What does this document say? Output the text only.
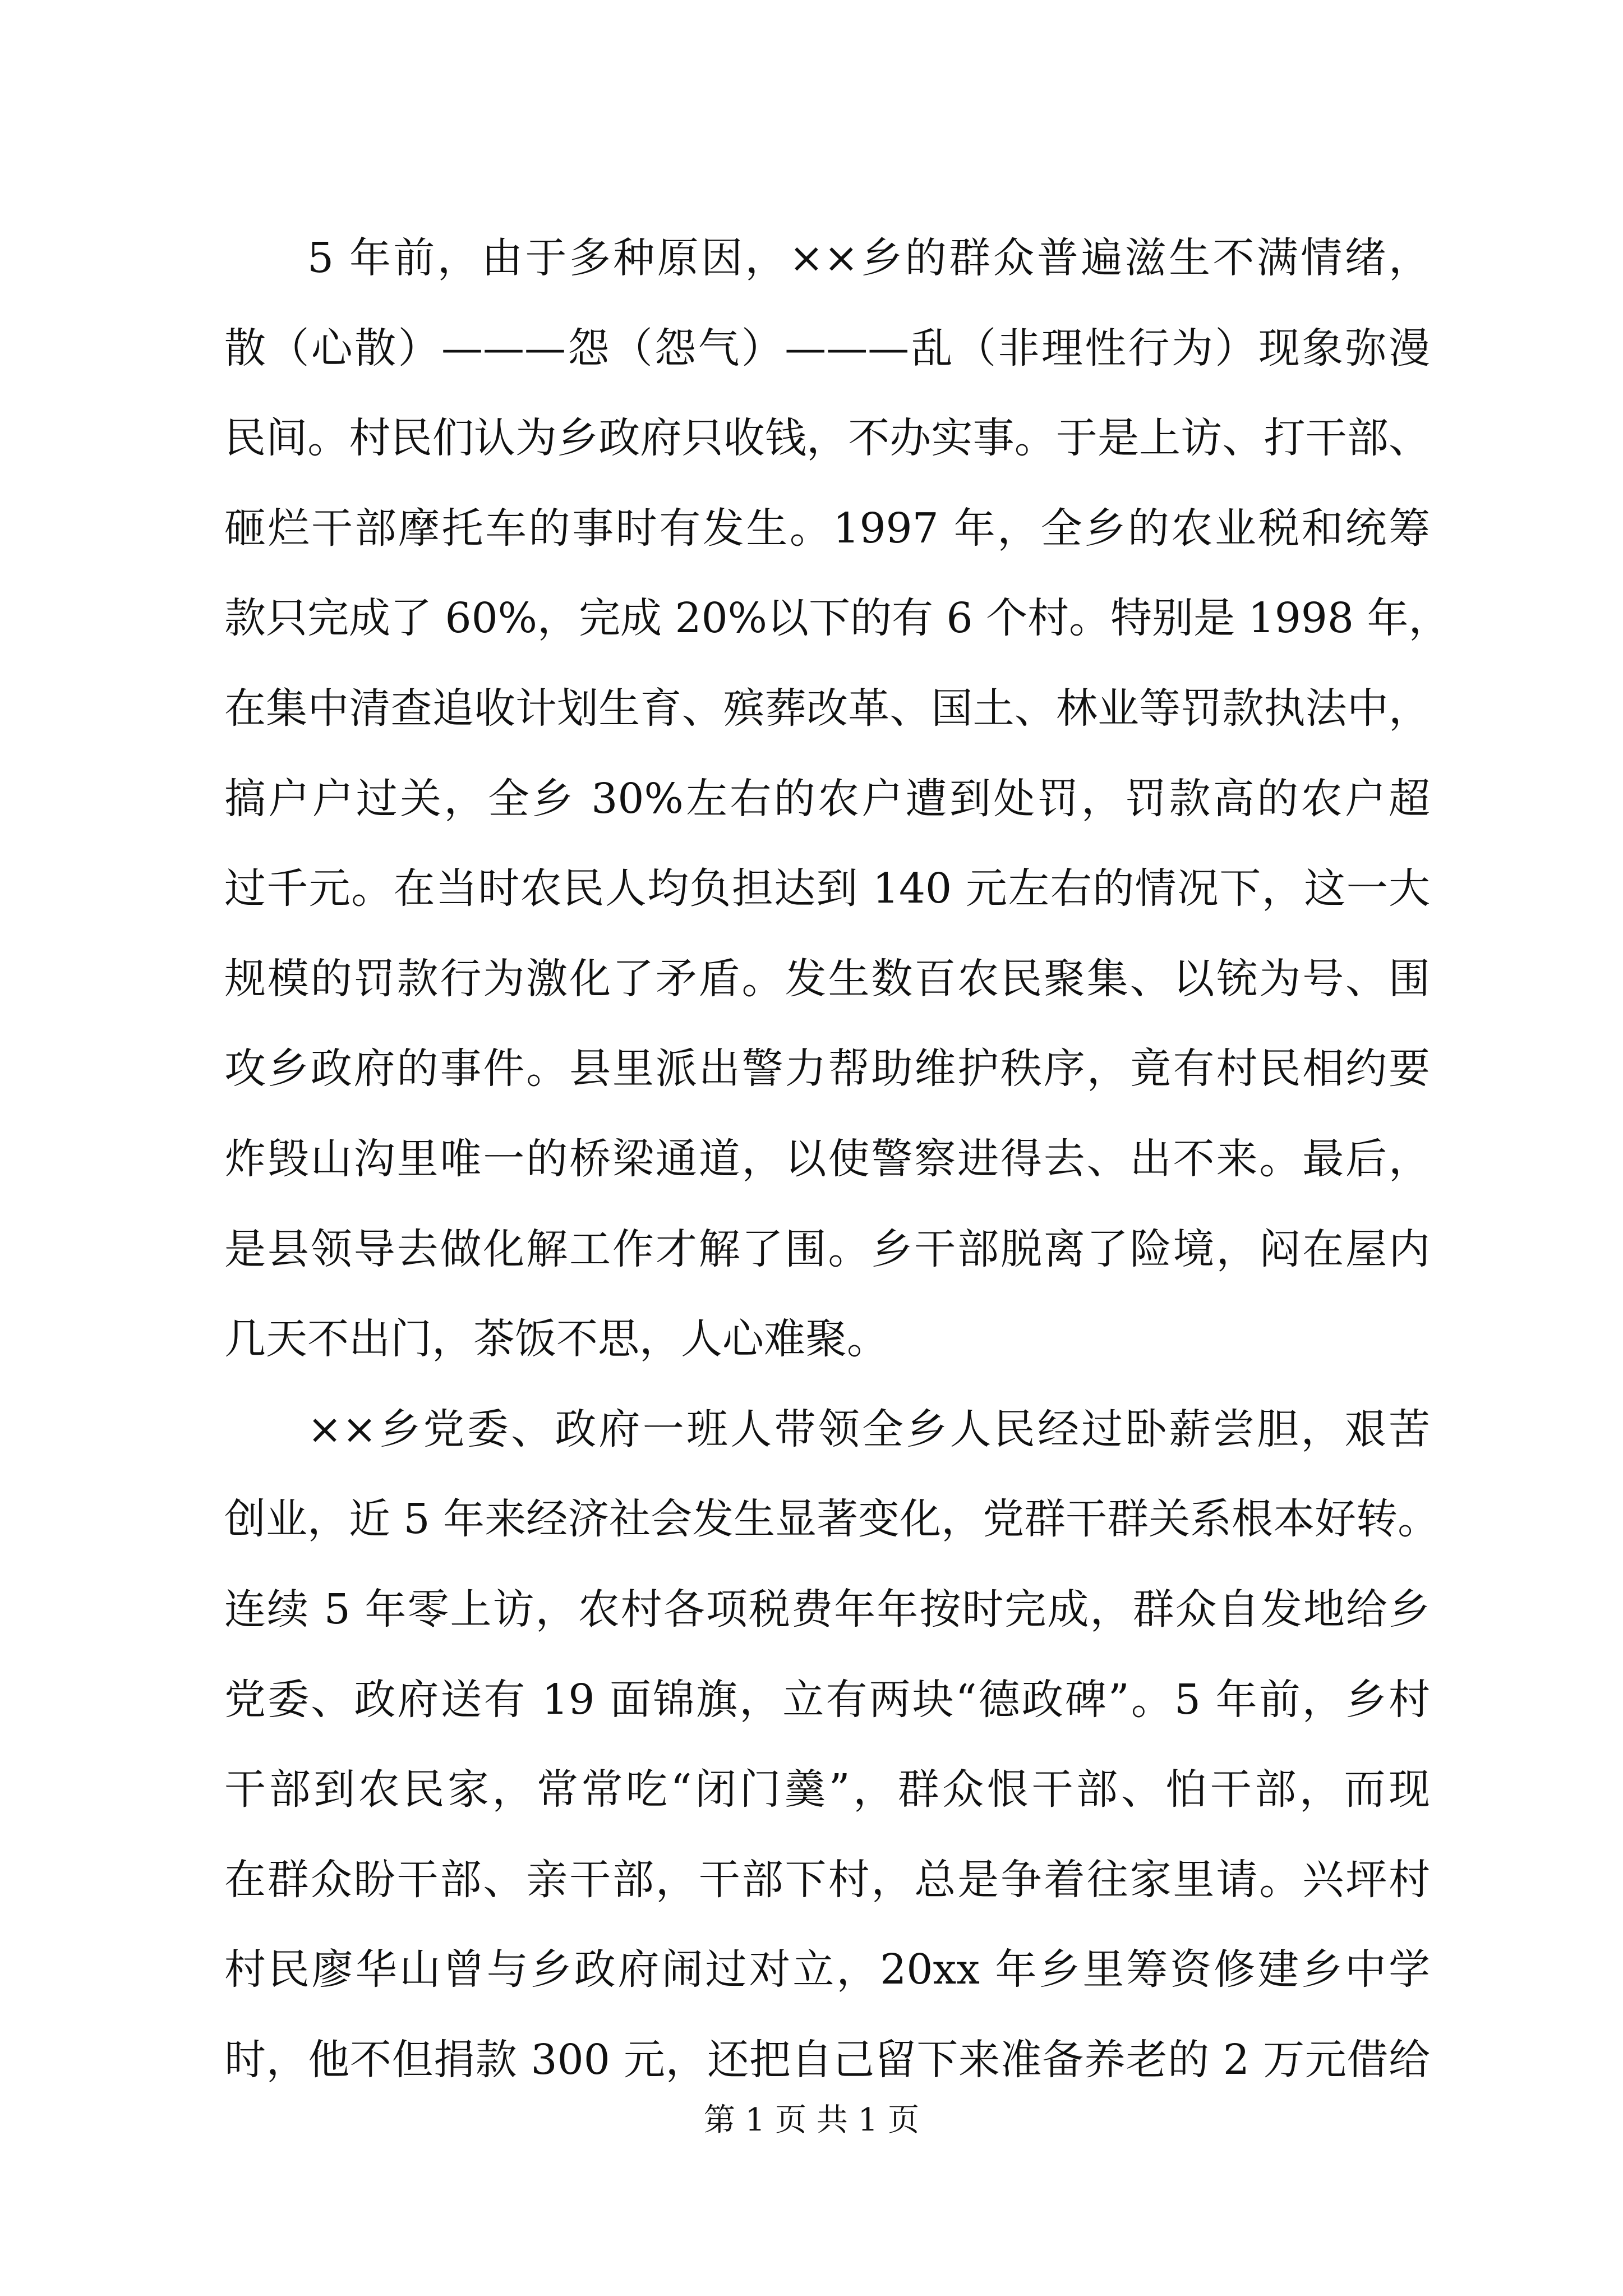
5 年前，由于多种原因，××乡的群众普遍滋生不满情绪，
散（心散）———怨（怨气）———乱（非理性行为）现象弥漫
民间。村民们认为乡政府只收钱，不办实事。于是上访、打干部、
砸烂干部摩托车的事时有发生。1997 年，全乡的农业税和统筹
款只完成了 60%，完成 20%以下的有 6 个村。特别是 1998 年，
在集中清查追收计划生育、殡葬改革、国土、林业等罚款执法中，
搞户户过关，全乡 30%左右的农户遭到处罚，罚款高的农户超
过千元。在当时农民人均负担达到 140 元左右的情况下，这一大
规模的罚款行为激化了矛盾。发生数百农民聚集、以铳为号、围
攻乡政府的事件。县里派出警力帮助维护秩序，竟有村民相约要
炸毁山沟里唯一的桥梁通道，以使警察进得去、出不来。最后，
是县领导去做化解工作才解了围。乡干部脱离了险境，闷在屋内
几天不出门，茶饭不思，人心难聚。
××乡党委、政府一班人带领全乡人民经过卧薪尝胆，艰苦
创业，近 5 年来经济社会发生显著变化，党群干群关系根本好转。
连续 5 年零上访，农村各项税费年年按时完成，群众自发地给乡
党委、政府送有 19 面锦旗，立有两块“德政碑”。5 年前，乡村
干部到农民家，常常吃“闭门羹”，群众恨干部、怕干部，而现
在群众盼干部、亲干部，干部下村，总是争着往家里请。兴坪村
村民廖华山曾与乡政府闹过对立，20xx 年乡里筹资修建乡中学
时，他不但捐款 300 元，还把自己留下来准备养老的 2 万元借给
第 1 页 共 1 页
